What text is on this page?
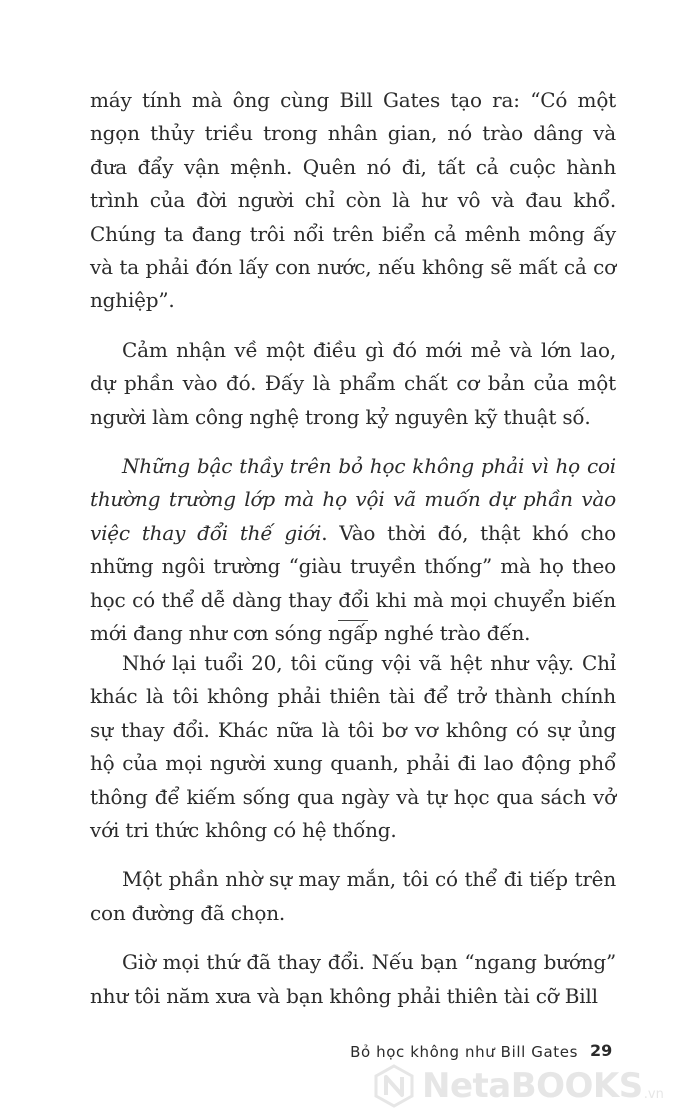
máy tính mà ông cùng Bill Gates tạo ra: “Có một ngọn thủy triều trong nhân gian, nó trào dâng và đưa đẩy vận mệnh. Quên nó đi, tất cả cuộc hành trình của đời người chỉ còn là hư vô và đau khổ. Chúng ta đang trôi nổi trên biển cả mênh mông ấy và ta phải đón lấy con nước, nếu không sẽ mất cả cơ nghiệp”.

Cảm nhận về một điều gì đó mới mẻ và lớn lao, dự phần vào đó. Đấy là phẩm chất cơ bản của một người làm công nghệ trong kỷ nguyên kỹ thuật số.

Những bậc thầy trên bỏ học không phải vì họ coi thường trường lớp mà họ vội vã muốn dự phần vào việc thay đổi thế giới. Vào thời đó, thật khó cho những ngôi trường “giàu truyền thống” mà họ theo học có thể dễ dàng thay đổi khi mà mọi chuyển biến mới đang như cơn sóng ngấp nghé trào đến.

Nhớ lại tuổi 20, tôi cũng vội vã hệt như vậy. Chỉ khác là tôi không phải thiên tài để trở thành chính sự thay đổi. Khác nữa là tôi bơ vơ không có sự ủng hộ của mọi người xung quanh, phải đi lao động phổ thông để kiếm sống qua ngày và tự học qua sách vở với tri thức không có hệ thống.

Một phần nhờ sự may mắn, tôi có thể đi tiếp trên con đường đã chọn.

Giờ mọi thứ đã thay đổi. Nếu bạn “ngang bướng” như tôi năm xưa và bạn không phải thiên tài cỡ Bill

Bỏ học không như Bill Gates 29
NetaBOOKS .vn
